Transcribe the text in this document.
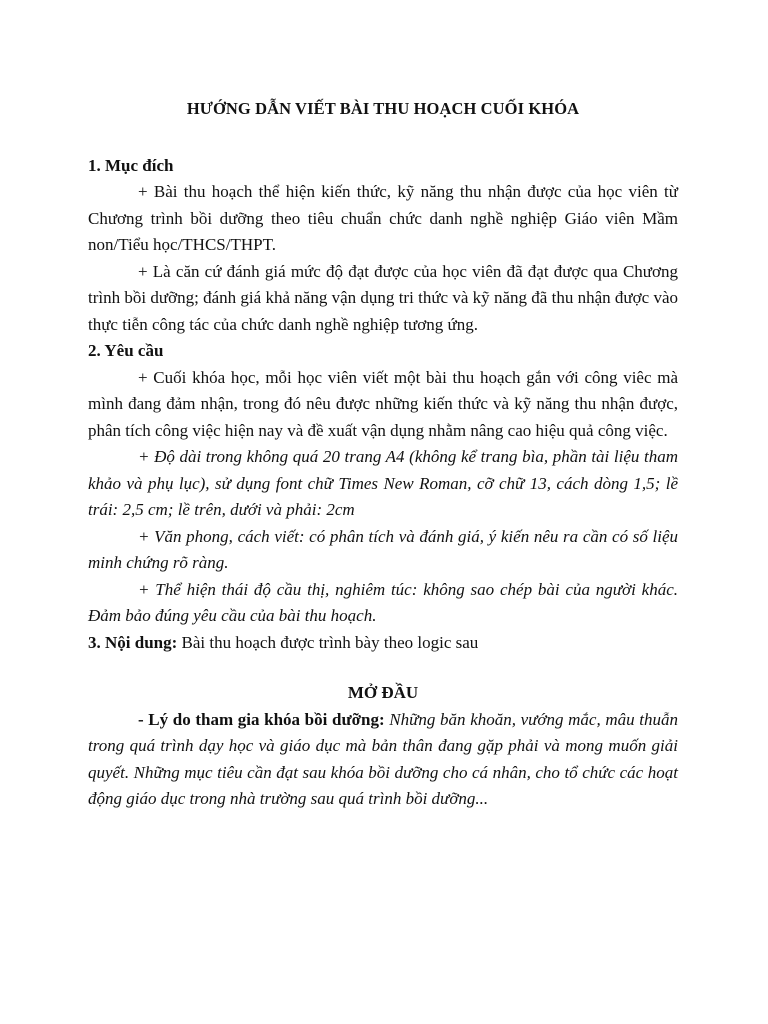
HƯỚNG DẪN VIẾT BÀI THU HOẠCH CUỐI KHÓA

1. Mục đích

+ Bài thu hoạch thể hiện kiến thức, kỹ năng thu nhận được của học viên từ Chương trình bồi dưỡng theo tiêu chuẩn chức danh nghề nghiệp Giáo viên Mầm non/Tiểu học/THCS/THPT.

+ Là căn cứ đánh giá mức độ đạt được của học viên đã đạt được qua Chương trình bồi dưỡng; đánh giá khả năng vận dụng tri thức và kỹ năng đã thu nhận được vào thực tiễn công tác của chức danh nghề nghiệp tương ứng.

2. Yêu cầu

+ Cuối khóa học, mỗi học viên viết một bài thu hoạch gắn với công viêc mà mình đang đảm nhận, trong đó nêu được những kiến thức và kỹ năng thu nhận được, phân tích công việc hiện nay và đề xuất vận dụng nhằm nâng cao hiệu quả công việc.

+ Độ dài trong không quá 20 trang A4 (không kể trang bìa, phần tài liệu tham khảo và phụ lục), sử dụng font chữ Times New Roman, cỡ chữ 13, cách dòng 1,5; lề trái: 2,5 cm; lề trên, dưới và phải: 2cm

+ Văn phong, cách viết: có phân tích và đánh giá, ý kiến nêu ra cần có số liệu minh chứng rõ ràng.

+ Thể hiện thái độ cầu thị, nghiêm túc: không sao chép bài của người khác. Đảm bảo đúng yêu cầu của bài thu hoạch.

3. Nội dung: Bài thu hoạch được trình bày theo logic sau

MỞ ĐẦU

- Lý do tham gia khóa bồi dưỡng: Những băn khoăn, vướng mắc, mâu thuẫn trong quá trình dạy học và giáo dục mà bản thân đang gặp phải và mong muốn giải quyết. Những mục tiêu cần đạt sau khóa bồi dưỡng cho cá nhân, cho tổ chức các hoạt động giáo dục trong nhà trường sau quá trình bồi dưỡng...
